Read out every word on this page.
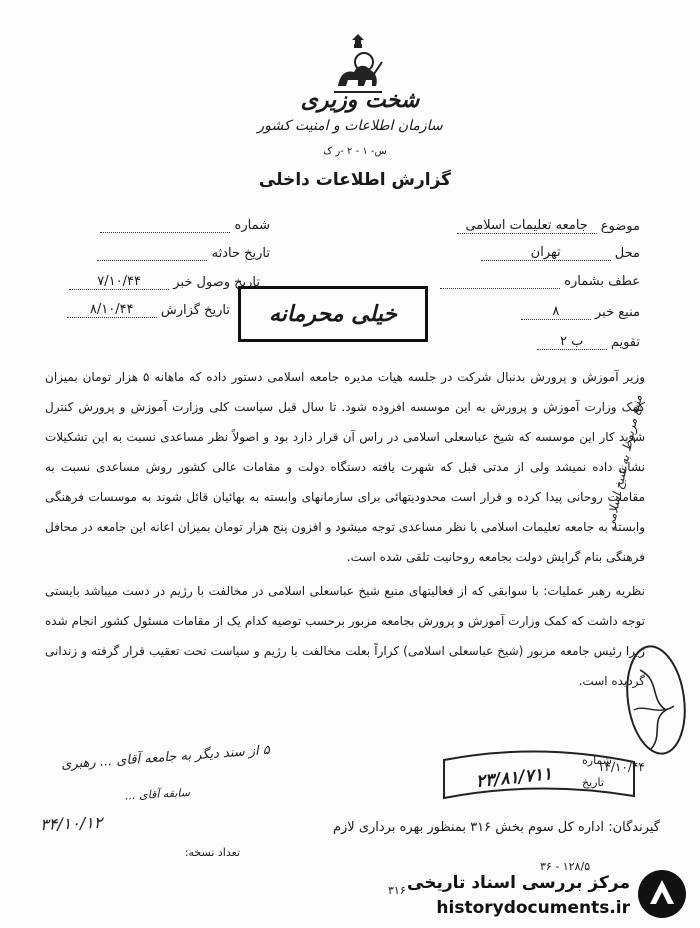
شخت وزیری
سازمان اطلاعات و امنیت کشور
س- ۱ - ۲ -ر ک
گزارش اطلاعات داخلی
موضوع جامعه تعلیمات اسلامی
محل تهران
عطف بشماره
منبع خبر ۸
تقویم ب ۲
شماره
تاریخ حادثه
تاریخ وصول خبر ۷/۱۰/۴۴
تاریخ گزارش ۸/۱۰/۴۴	خیلی محرمانه

وزیر آموزش و پرورش بدنبال شرکت در جلسه هیات مدیره جامعه اسلامی دستور داده که ماهانه ۵ هزار تومان بمیزان کمک وزارت آموزش و پرورش به این موسسه افزوده شود. تا سال قبل سیاست کلی وزارت آموزش و پرورش کنترل شدید کار این موسسه که شیخ عباسعلی اسلامی در راس آن قرار دارد بود و اصولاً نظر مساعدی نسبت به این تشکیلات نشان داده نمیشد ولی از مدتی قبل که شهرت یافته دستگاه دولت و مقامات عالی کشور روش مساعدی نسبت به مقامات روحانی پیدا کرده و قرار است محدودیتهائی برای سازمانهای وابسته به بهائیان قائل شوند به موسسات فرهنگی وابسته به جامعه تعلیمات اسلامی با نظر مساعدی توجه میشود و افزون پنج هزار تومان بمیزان اعانه این جامعه در محافل فرهنگی بنام گرایش دولت بجامعه روحانیت تلقی شده است.

نظریه رهبر عملیات: با سوابقی که از فعالیتهای منبع شیخ عباسعلی اسلامی در مخالفت با رژیم در دست میباشد بایستی توجه داشت که کمک وزارت آموزش و پرورش بجامعه مزبور برحسب توصیه کدام یک از مقامات مسئول کشور انجام شده زیرا رئیس جامعه مزبور (شیخ عباسعلی اسلامی) کراراً بعلت مخالفت با رژیم و سیاست تحت تعقیب قرار گرفته و زندانی گردیده است.

منبع مربوط به شیخ اسلامی
۲۳/۸۱/۷۱۱
شماره
تاریخ
۱۴/۱۰/۴۴
۵ از سند دیگر به جامعه آقای ... رهبری
سابقه آقای ...
۳۴/۱۰/۱۲	گیرندگان: اداره کل سوم بخش ۳۱۶ بمنظور بهره برداری لازم
تعداد نسخه:
۳۶ - ۱۲۸/۵
۳۱۶ مرکز بررسی اسناد تاریخی
historydocuments.ir
